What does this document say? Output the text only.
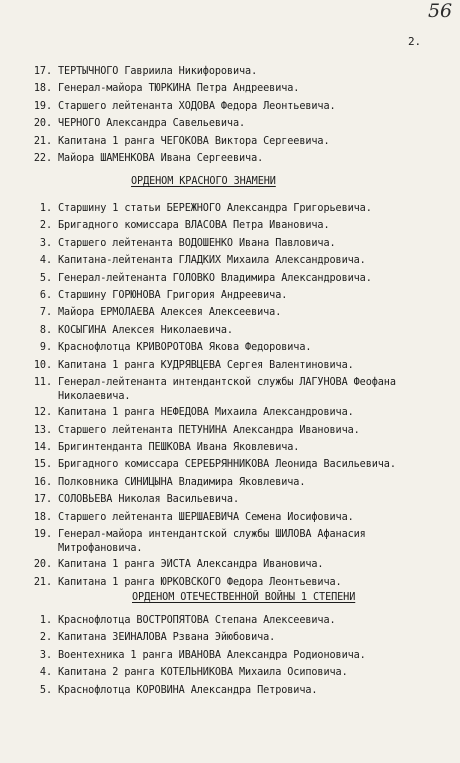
56
2.
17. ТЕРТЫЧНОГО Гавриила Никифоровича.
18. Генерал-майора ТЮРКИНА Петра Андреевича.
19. Старшего лейтенанта ХОДОВА Федора Леонтьевича.
20. ЧЕРНОГО Александра Савельевича.
21. Капитана 1 ранга ЧЕГОКОВА Виктора Сергеевича.
22. Майора ШАМЕНКОВА Ивана Сергеевича.
ОРДЕНОМ КРАСНОГО ЗНАМЕНИ
1. Старшину 1 статьи БЕРЕЖНОГО Александра Григорьевича.
2. Бригадного комиссара ВЛАСОВА Петра Ивановича.
3. Старшего лейтенанта ВОДОШЕНКО Ивана Павловича.
4. Капитана-лейтенанта ГЛАДКИХ Михаила Александровича.
5. Генерал-лейтенанта ГОЛОВКО Владимира Александровича.
6. Старшину ГОРЮНОВА Григория Андреевича.
7. Майора ЕРМОЛАЕВА Алексея Алексеевича.
8. КОСЫГИНА Алексея Николаевича.
9. Краснофлотца КРИВОРОТОВА Якова Федоровича.
10. Капитана 1 ранга КУДРЯВЦЕВА Сергея Валентиновича.
11. Генерал-лейтенанта интендантской службы ЛАГУНОВА Феофана Николаевича.
12. Капитана 1 ранга НЕФЕДОВА Михаила Александровича.
13. Старшего лейтенанта ПЕТУНИНА Александра Ивановича.
14. Бригинтенданта ПЕШКОВА Ивана Яковлевича.
15. Бригадного комиссара СЕРЕБРЯННИКОВА Леонида Васильевича.
16. Полковника СИНИЦЫНА Владимира Яковлевича.
17. СОЛОВЬЕВА Николая Васильевича.
18. Старшего лейтенанта ШЕРШАЕВИЧА Семена Иосифовича.
19. Генерал-майора интендантской службы ШИЛОВА Афанасия Митрофановича.
20. Капитана 1 ранга ЭЙСТА Александра Ивановича.
21. Капитана 1 ранга ЮРКОВСКОГО Федора Леонтьевича.
ОРДЕНОМ ОТЕЧЕСТВЕННОЙ ВОЙНЫ 1 СТЕПЕНИ
1. Краснофлотца ВОСТРОПЯТОВА Степана Алексеевича.
2. Капитана ЗЕЙНАЛОВА Рзвана Эйюбовича.
3. Воентехника 1 ранга ИВАНОВА Александра Родионовича.
4. Капитана 2 ранга КОТЕЛЬНИКОВА Михаила Осиповича.
5. Краснофлотца КОРОВИНА Александра Петровича.
